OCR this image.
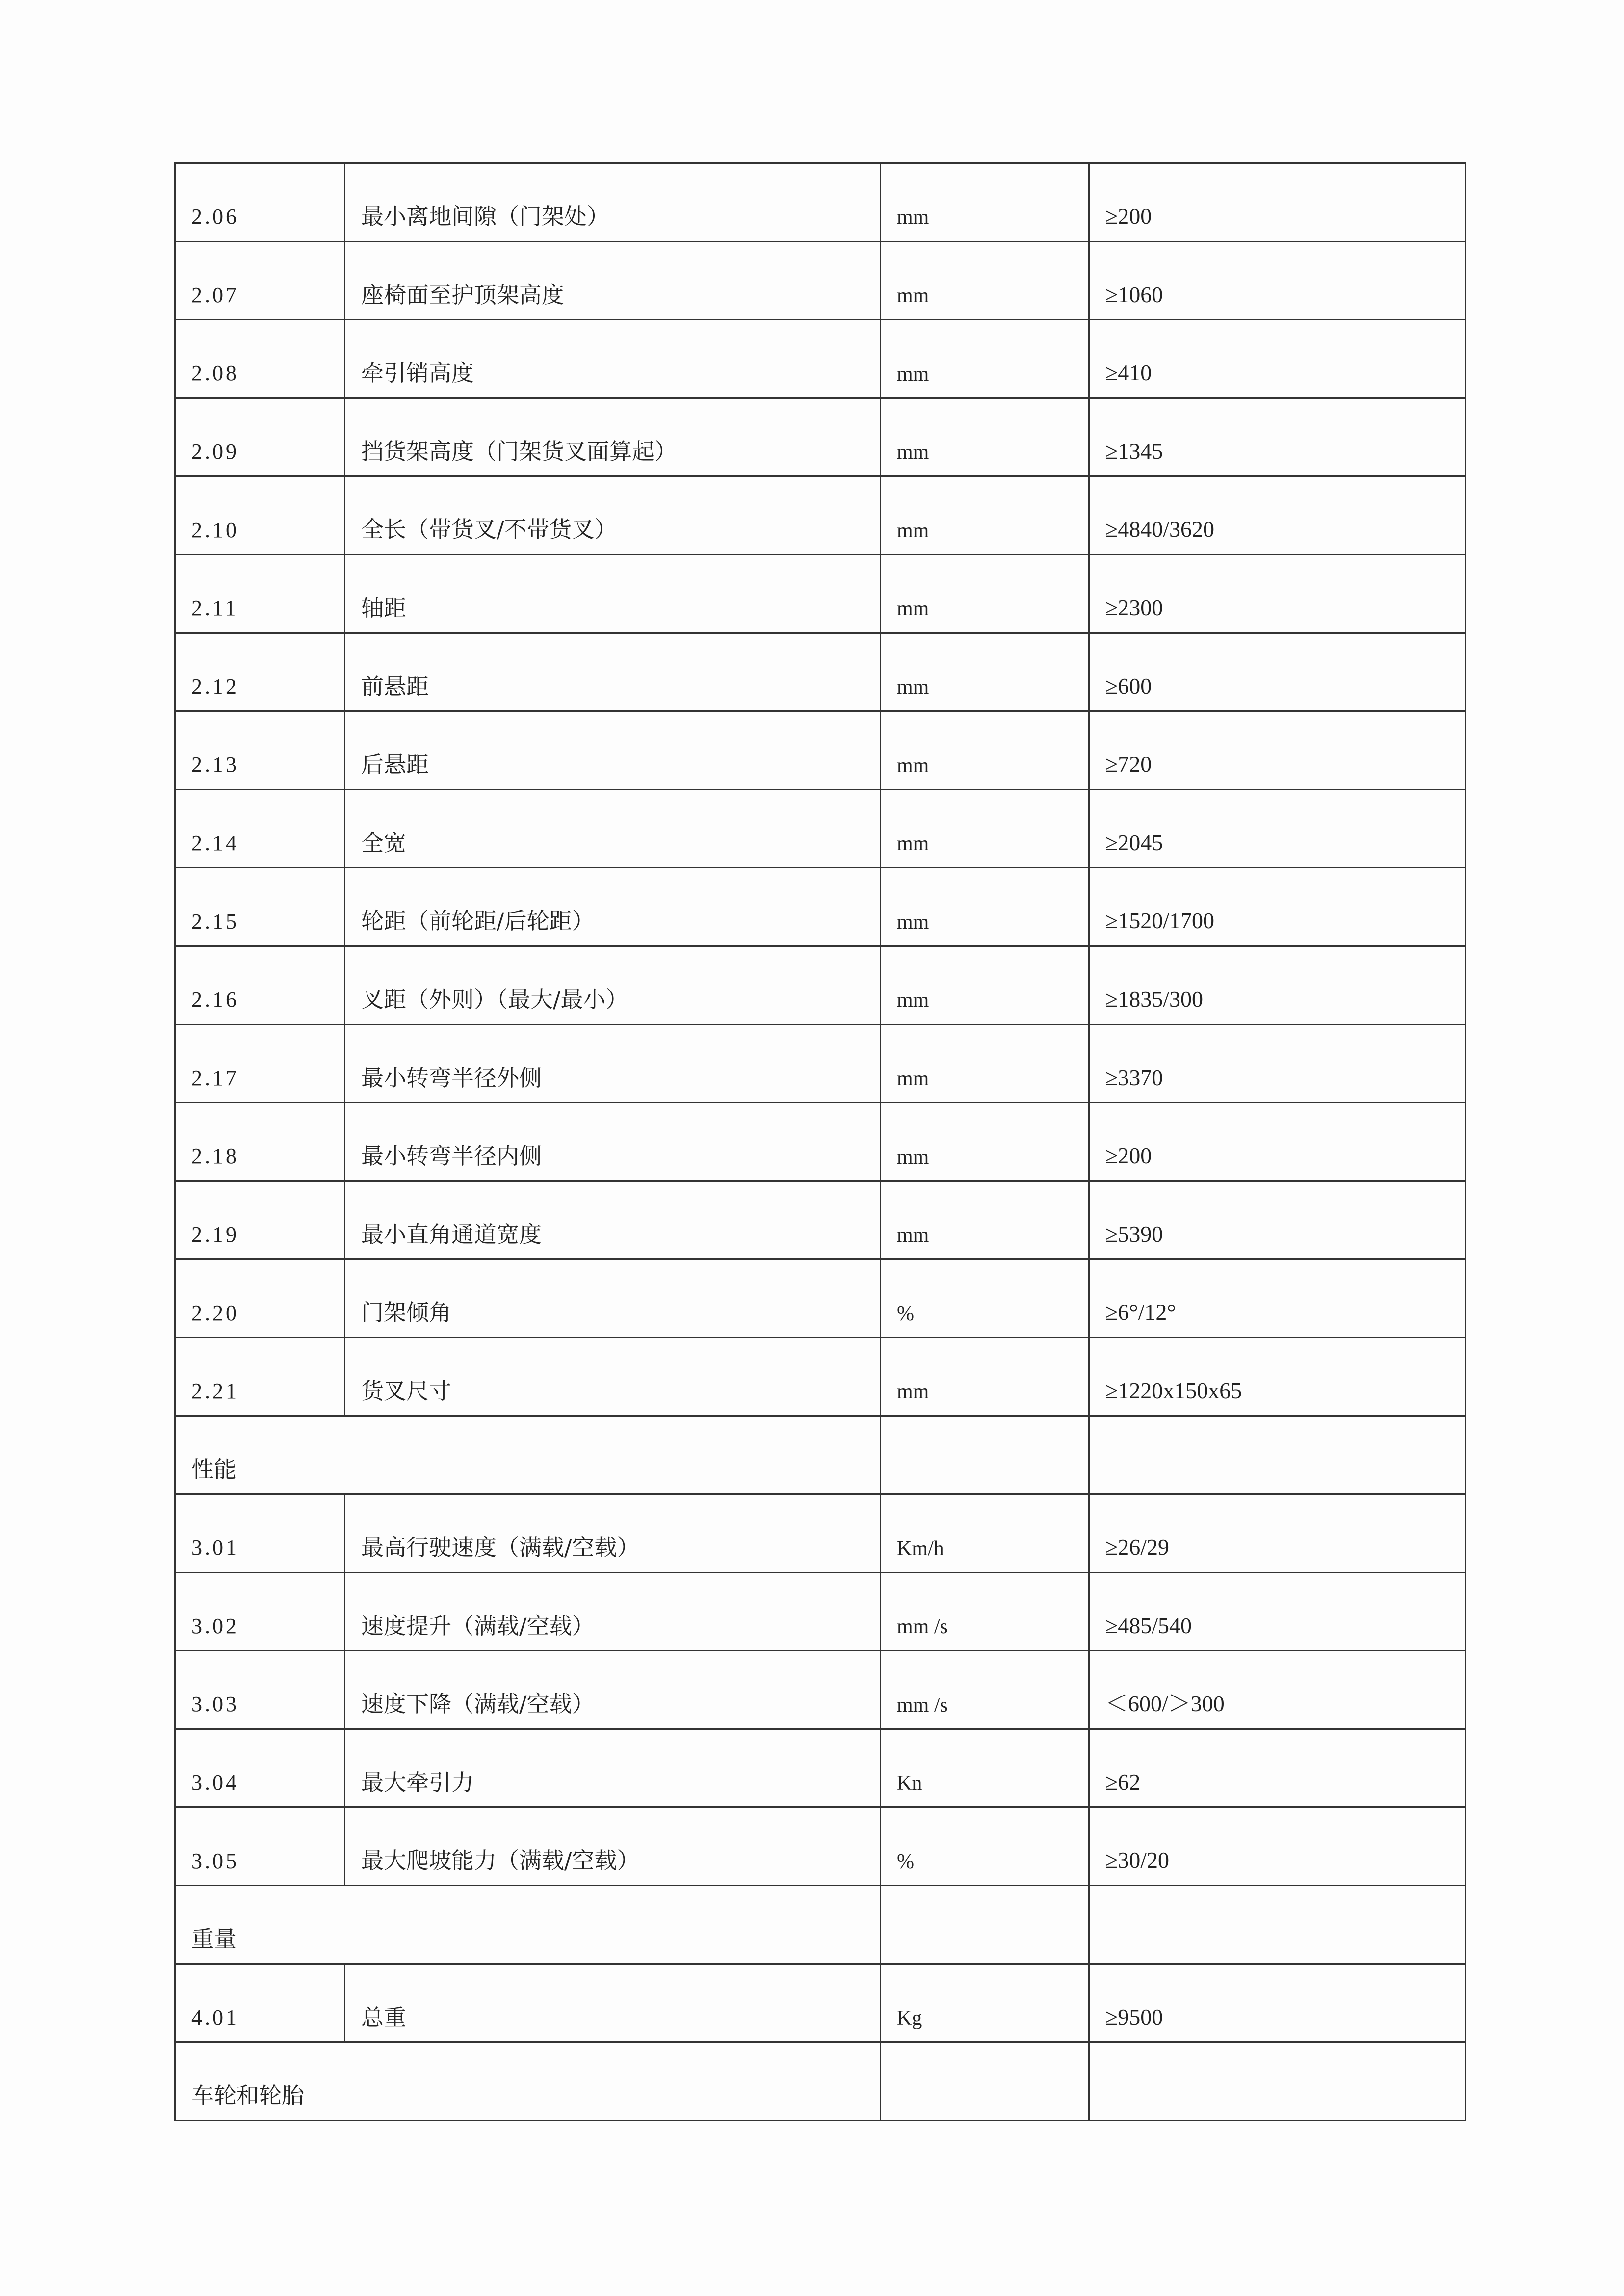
2.06	最小离地间隙（门架处）	mm	≥200
2.07	座椅面至护顶架高度	mm	≥1060
2.08	牵引销高度	mm	≥410
2.09	挡货架高度（门架货叉面算起）	mm	≥1345
2.10	全长（带货叉/不带货叉）	mm	≥4840/3620
2.11	轴距	mm	≥2300
2.12	前悬距	mm	≥600
2.13	后悬距	mm	≥720
2.14	全宽	mm	≥2045
2.15	轮距（前轮距/后轮距）	mm	≥1520/1700
2.16	叉距（外则）（最大/最小）	mm	≥1835/300
2.17	最小转弯半径外侧	mm	≥3370
2.18	最小转弯半径内侧	mm	≥200
2.19	最小直角通道宽度	mm	≥5390
2.20	门架倾角	%	≥6°/12°
2.21	货叉尺寸	mm	≥1220x150x65
性能			
3.01	最高行驶速度（满载/空载）	Km/h	≥26/29
3.02	速度提升（满载/空载）	mm /s	≥485/540
3.03	速度下降（满载/空载）	mm /s	＜600/＞300
3.04	最大牵引力	Kn	≥62
3.05	最大爬坡能力（满载/空载）	%	≥30/20
重量			
4.01	总重	Kg	≥9500
车轮和轮胎			
